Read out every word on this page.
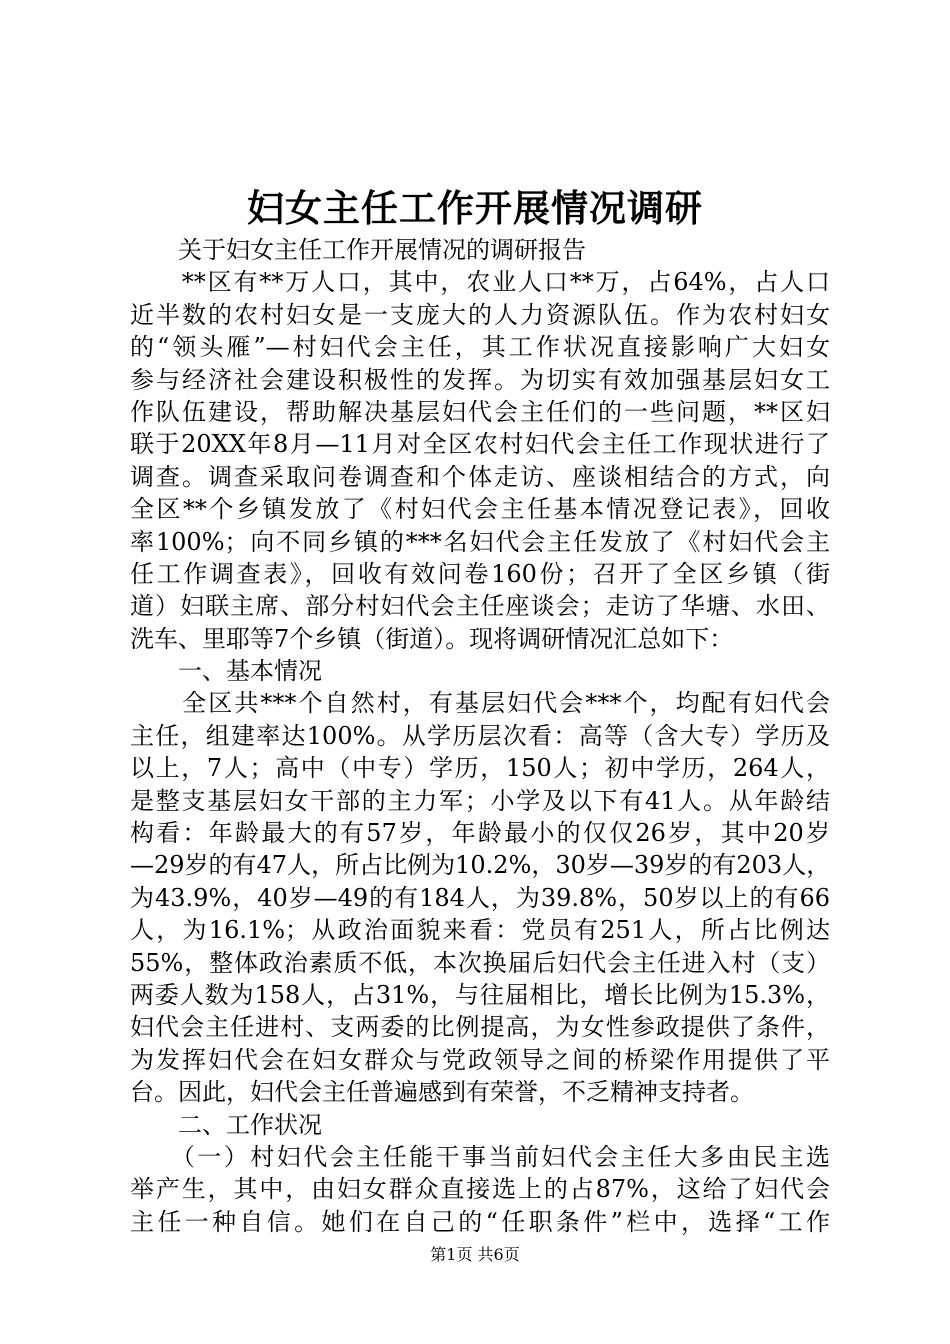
妇女主任工作开展情况调研
　　关于妇女主任工作开展情况的调研报告
　　**区有**万人口，其中，农业人口**万，占64%，占人口
近半数的农村妇女是一支庞大的人力资源队伍。作为农村妇女
的“领头雁”—村妇代会主任，其工作状况直接影响广大妇女
参与经济社会建设积极性的发挥。为切实有效加强基层妇女工
作队伍建设，帮助解决基层妇代会主任们的一些问题，**区妇
联于20XX年8月—11月对全区农村妇代会主任工作现状进行了
调查。调查采取问卷调查和个体走访、座谈相结合的方式，向
全区**个乡镇发放了《村妇代会主任基本情况登记表》，回收
率100%；向不同乡镇的***名妇代会主任发放了《村妇代会主
任工作调查表》，回收有效问卷160份；召开了全区乡镇（街
道）妇联主席、部分村妇代会主任座谈会；走访了华塘、水田、
洗车、里耶等7个乡镇（街道）。现将调研情况汇总如下：
　　一、基本情况
　　全区共***个自然村，有基层妇代会***个，均配有妇代会
主任，组建率达100%。从学历层次看：高等（含大专）学历及
以上，7人；高中（中专）学历，150人；初中学历，264人，
是整支基层妇女干部的主力军；小学及以下有41人。从年龄结
构看：年龄最大的有57岁，年龄最小的仅仅26岁，其中20岁
—29岁的有47人，所占比例为10.2%，30岁—39岁的有203人，
为43.9%，40岁—49的有184人，为39.8%，50岁以上的有66
人，为16.1%；从政治面貌来看：党员有251人，所占比例达
55%，整体政治素质不低，本次换届后妇代会主任进入村（支）
两委人数为158人，占31%，与往届相比，增长比例为15.3%，
妇代会主任进村、支两委的比例提高，为女性参政提供了条件，
为发挥妇代会在妇女群众与党政领导之间的桥梁作用提供了平
台。因此，妇代会主任普遍感到有荣誉，不乏精神支持者。
　　二、工作状况
　　（一）村妇代会主任能干事当前妇代会主任大多由民主选
举产生，其中，由妇女群众直接选上的占87%，这给了妇代会
主任一种自信。她们在自己的“任职条件”栏中，选择“工作
第1页 共6页
